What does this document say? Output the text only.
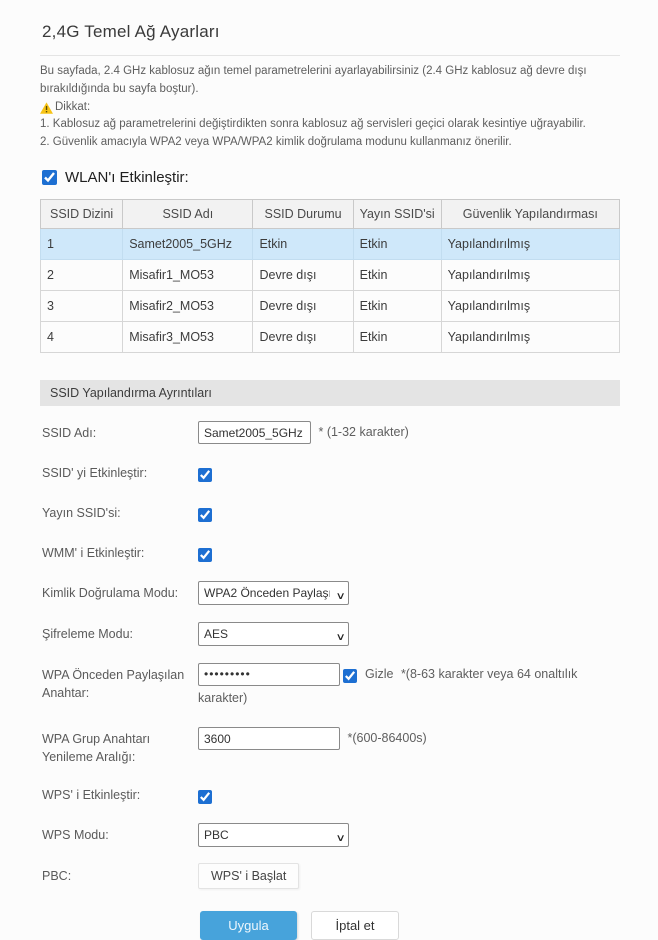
2,4G Temel Ağ Ayarları
Bu sayfada, 2.4 GHz kablosuz ağın temel parametrelerini ayarlayabilirsiniz (2.4 GHz kablosuz ağ devre dışı bırakıldığında bu sayfa boştur).
Dikkat:
1. Kablosuz ağ parametrelerini değiştirdikten sonra kablosuz ağ servisleri geçici olarak kesintiye uğrayabilir.
2. Güvenlik amacıyla WPA2 veya WPA/WPA2 kimlik doğrulama modunu kullanmanız önerilir.
WLAN'ı Etkinleştir:
SSID Dizini	SSID Adı	SSID Durumu	Yayın SSID'si	Güvenlik Yapılandırması
1	Samet2005_5GHz	Etkin	Etkin	Yapılandırılmış
2	Misafir1_MO53	Devre dışı	Etkin	Yapılandırılmış
3	Misafir2_MO53	Devre dışı	Etkin	Yapılandırılmış
4	Misafir3_MO53	Devre dışı	Etkin	Yapılandırılmış
SSID Yapılandırma Ayrıntıları
SSID Adı:
Samet2005_5GHz	* (1-32 karakter)
SSID' yi Etkinleştir:
Yayın SSID'si:
WMM' i Etkinleştir:
Kimlik Doğrulama Modu:
WPA2 Önceden Paylaşıla	∨
Şifreleme Modu:
AES	∨
WPA Önceden Paylaşılan Anahtar:
•••••••••  Gizle *(8-63 karakter veya 64 onaltılık karakter)
WPA Grup Anahtarı Yenileme Aralığı:
3600 *(600-86400s)
WPS' i Etkinleştir:
WPS Modu:
PBC	∨
PBC:	WPS' i Başlat
Uygula	İptal et
